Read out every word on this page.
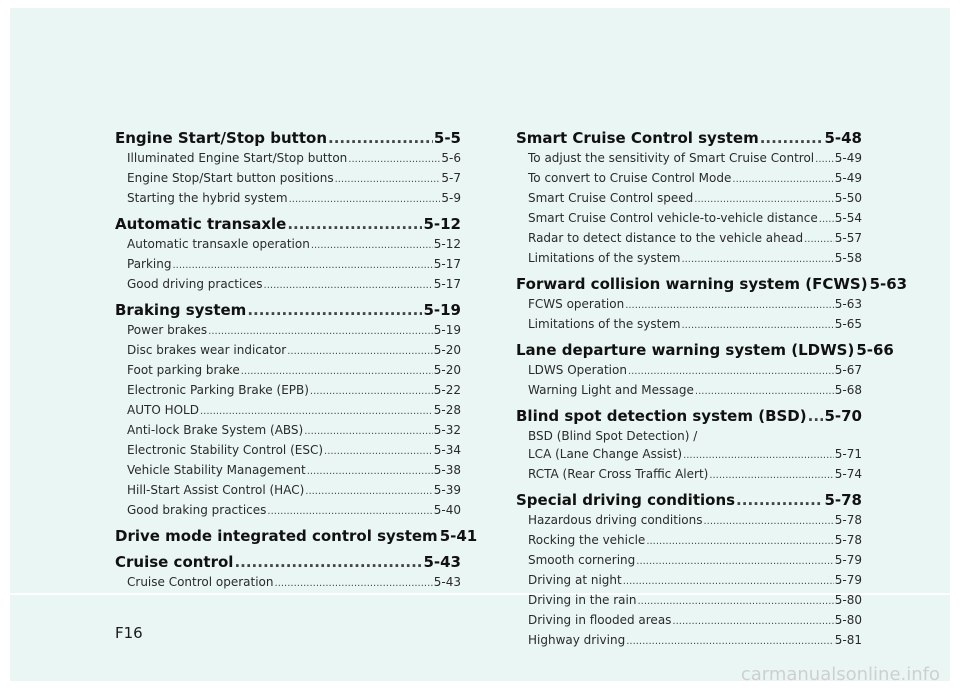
F16
Engine Start/Stop button .....	5-5
Illuminated Engine Start/Stop button .....	5-6
Engine Stop/Start button positions .....	5-7
Starting the hybrid system .....	5-9
Automatic transaxle .....	5-12
Automatic transaxle operation .....	5-12
Parking .....	5-17
Good driving practices .....	5-17
Braking system .....	5-19
Power brakes .....	5-19
Disc brakes wear indicator .....	5-20
Foot parking brake .....	5-20
Electronic Parking Brake (EPB) .....	5-22
AUTO HOLD .....	5-28
Anti-lock Brake System (ABS) .....	5-32
Electronic Stability Control (ESC) .....	5-34
Vehicle Stability Management .....	5-38
Hill-Start Assist Control (HAC) .....	5-39
Good braking practices .....	5-40
Drive mode integrated control system 5-41
Cruise control .....	5-43
Cruise Control operation .....	5-43
Smart Cruise Control system .....	5-48
To adjust the sensitivity of Smart Cruise Control ..... 5-49
To convert to Cruise Control Mode .....	5-49
Smart Cruise Control speed .....	5-50
Smart Cruise Control vehicle-to-vehicle distance ..... 5-54
Radar to detect distance to the vehicle ahead .....	5-57
Limitations of the system .....	5-58
Forward collision warning system (FCWS) 5-63
FCWS operation .....	5-63
Limitations of the system .....	5-65
Lane departure warning system (LDWS) 5-66
LDWS Operation .....	5-67
Warning Light and Message .....	5-68
Blind spot detection system (BSD) ..... 5-70
BSD (Blind Spot Detection) /
LCA (Lane Change Assist) .....	5-71
RCTA (Rear Cross Traffic Alert) .....	5-74
Special driving conditions .....	5-78
Hazardous driving conditions .....	5-78
Rocking the vehicle .....	5-78
Smooth cornering .....	5-79
Driving at night .....	5-79
Driving in the rain .....	5-80
Driving in flooded areas .....	5-80
Highway driving .....	5-81
carmanualsonline.info
